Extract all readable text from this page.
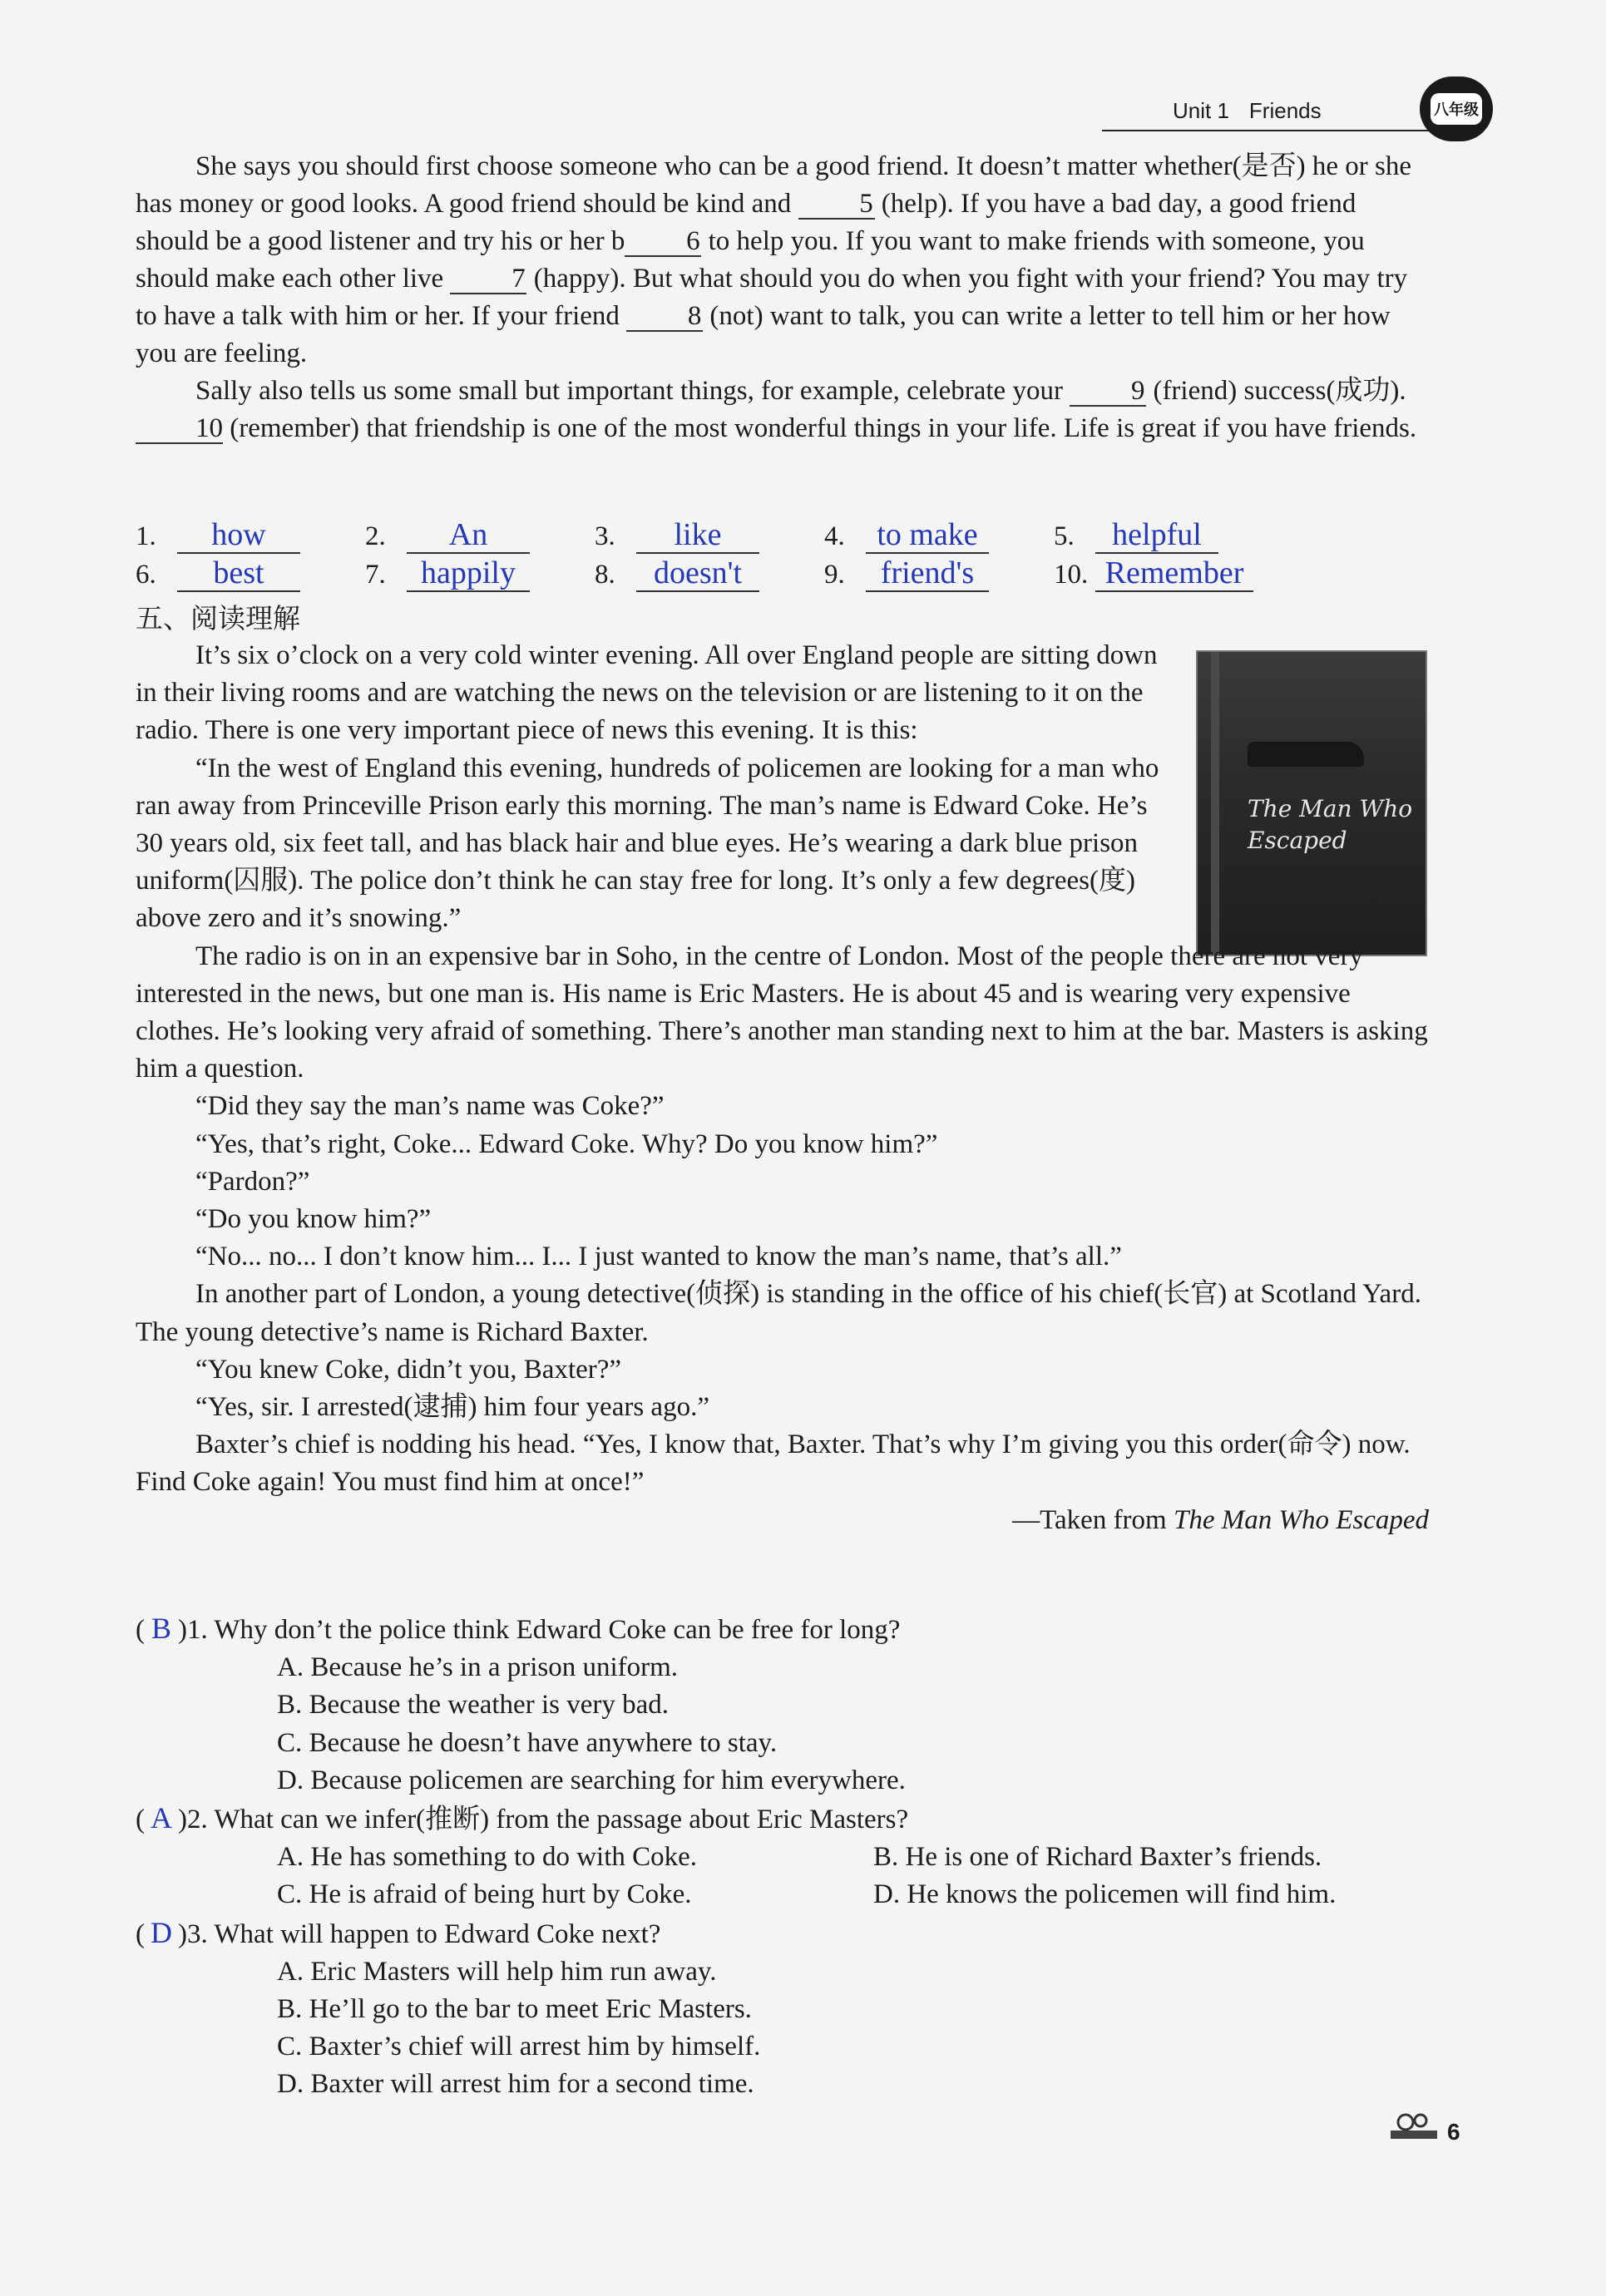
Unit 1 Friends	八年级

She says you should first choose someone who can be a good friend. It doesn’t matter whether(是否) he or she has money or good looks. A good friend should be kind and 5 (help). If you have a bad day, a good friend should be a good listener and try his or her b 6 to help you. If you want to make friends with someone, you should make each other live 7 (happy). But what should you do when you fight with your friend? You may try to have a talk with him or her. If your friend 8 (not) want to talk, you can write a letter to tell him or her how you are feeling.

Sally also tells us some small but important things, for example, celebrate your 9 (friend) success(成功). 10 (remember) that friendship is one of the most wonderful things in your life. Life is great if you have friends.

1. how	2. An	3. like	4. to make	5. helpful
6. best	7. happily	8. doesn't	9. friend's	10. Remember
五、阅读理解
The Man Who Escaped

It’s six o’clock on a very cold winter evening. All over England people are sitting down in their living rooms and are watching the news on the television or are listening to it on the radio. There is one very important piece of news this evening. It is this:

“In the west of England this evening, hundreds of policemen are looking for a man who ran away from Princeville Prison early this morning. The man’s name is Edward Coke. He’s 30 years old, six feet tall, and has black hair and blue eyes. He’s wearing a dark blue prison uniform(囚服). The police don’t think he can stay free for long. It’s only a few degrees(度) above zero and it’s snowing.”

The radio is on in an expensive bar in Soho, in the centre of London. Most of the people there are not very interested in the news, but one man is. His name is Eric Masters. He is about 45 and is wearing very expensive clothes. He’s looking very afraid of something. There’s another man standing next to him at the bar. Masters is asking him a question.

“Did they say the man’s name was Coke?”

“Yes, that’s right, Coke... Edward Coke. Why? Do you know him?”

“Pardon?”

“Do you know him?”

“No... no... I don’t know him... I... I just wanted to know the man’s name, that’s all.”

In another part of London, a young detective(侦探) is standing in the office of his chief(长官) at Scotland Yard. The young detective’s name is Richard Baxter.

“You knew Coke, didn’t you, Baxter?”

“Yes, sir. I arrested(逮捕) him four years ago.”

Baxter’s chief is nodding his head. “Yes, I know that, Baxter. That’s why I’m giving you this order(命令) now. Find Coke again! You must find him at once!”

—Taken from The Man Who Escaped

( B )1. Why don’t the police think Edward Coke can be free for long?
A. Because he’s in a prison uniform.
B. Because the weather is very bad.
C. Because he doesn’t have anywhere to stay.
D. Because policemen are searching for him everywhere.
( A )2. What can we infer(推断) from the passage about Eric Masters?
A. He has something to do with Coke.	B. He is one of Richard Baxter’s friends.
C. He is afraid of being hurt by Coke.	D. He knows the policemen will find him.
( D )3. What will happen to Edward Coke next?
A. Eric Masters will help him run away.
B. He’ll go to the bar to meet Eric Masters.
C. Baxter’s chief will arrest him by himself.
D. Baxter will arrest him for a second time.
6
